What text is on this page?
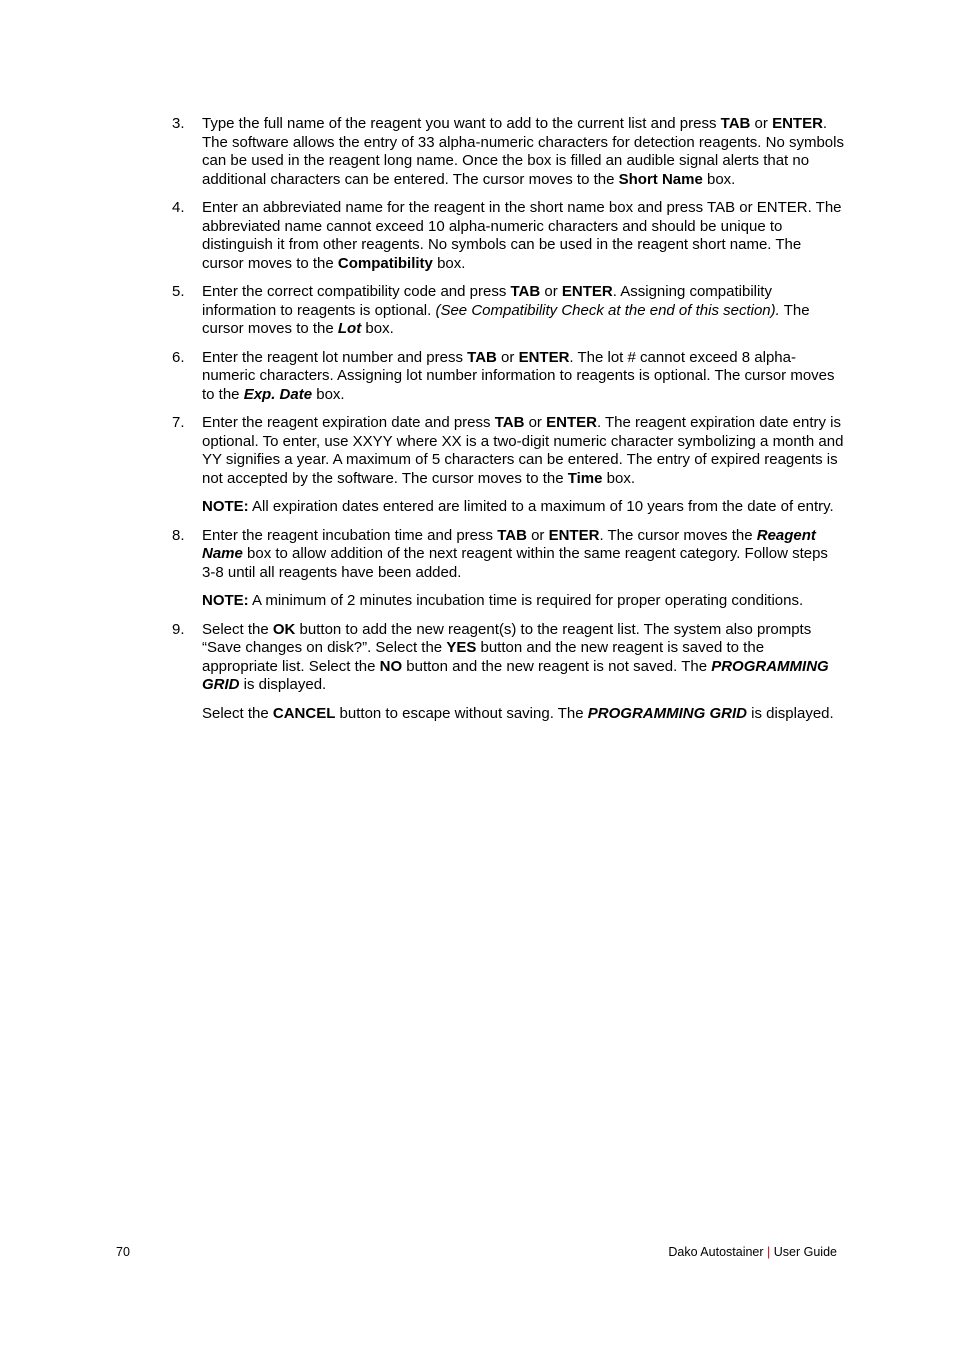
3.	Type the full name of the reagent you want to add to the current list and press TAB or ENTER. The software allows the entry of 33 alpha-numeric characters for detection reagents. No symbols can be used in the reagent long name. Once the box is filled an audible signal alerts that no additional characters can be entered. The cursor moves to the Short Name box.

4.	Enter an abbreviated name for the reagent in the short name box and press TAB or ENTER. The abbreviated name cannot exceed 10 alpha-numeric characters and should be unique to distinguish it from other reagents. No symbols can be used in the reagent short name. The cursor moves to the Compatibility box.

5.	Enter the correct compatibility code and press TAB or ENTER. Assigning compatibility information to reagents is optional. (See Compatibility Check at the end of this section). The cursor moves to the Lot box.

6.	Enter the reagent lot number and press TAB or ENTER. The lot # cannot exceed 8 alpha-numeric characters. Assigning lot number information to reagents is optional. The cursor moves to the Exp. Date box.

7.	Enter the reagent expiration date and press TAB or ENTER. The reagent expiration date entry is optional. To enter, use XXYY where XX is a two-digit numeric character symbolizing a month and YY signifies a year. A maximum of 5 characters can be entered. The entry of expired reagents is not accepted by the software. The cursor moves to the Time box.

NOTE: All expiration dates entered are limited to a maximum of 10 years from the date of entry.

8.	Enter the reagent incubation time and press TAB or ENTER. The cursor moves the Reagent Name box to allow addition of the next reagent within the same reagent category. Follow steps 3-8 until all reagents have been added.

NOTE: A minimum of 2 minutes incubation time is required for proper operating conditions.

9.	Select the OK button to add the new reagent(s) to the reagent list. The system also prompts “Save changes on disk?”. Select the YES button and the new reagent is saved to the appropriate list. Select the NO button and the new reagent is not saved. The PROGRAMMING GRID is displayed.

Select the CANCEL button to escape without saving. The PROGRAMMING GRID is displayed.

70	Dako Autostainer | User Guide
